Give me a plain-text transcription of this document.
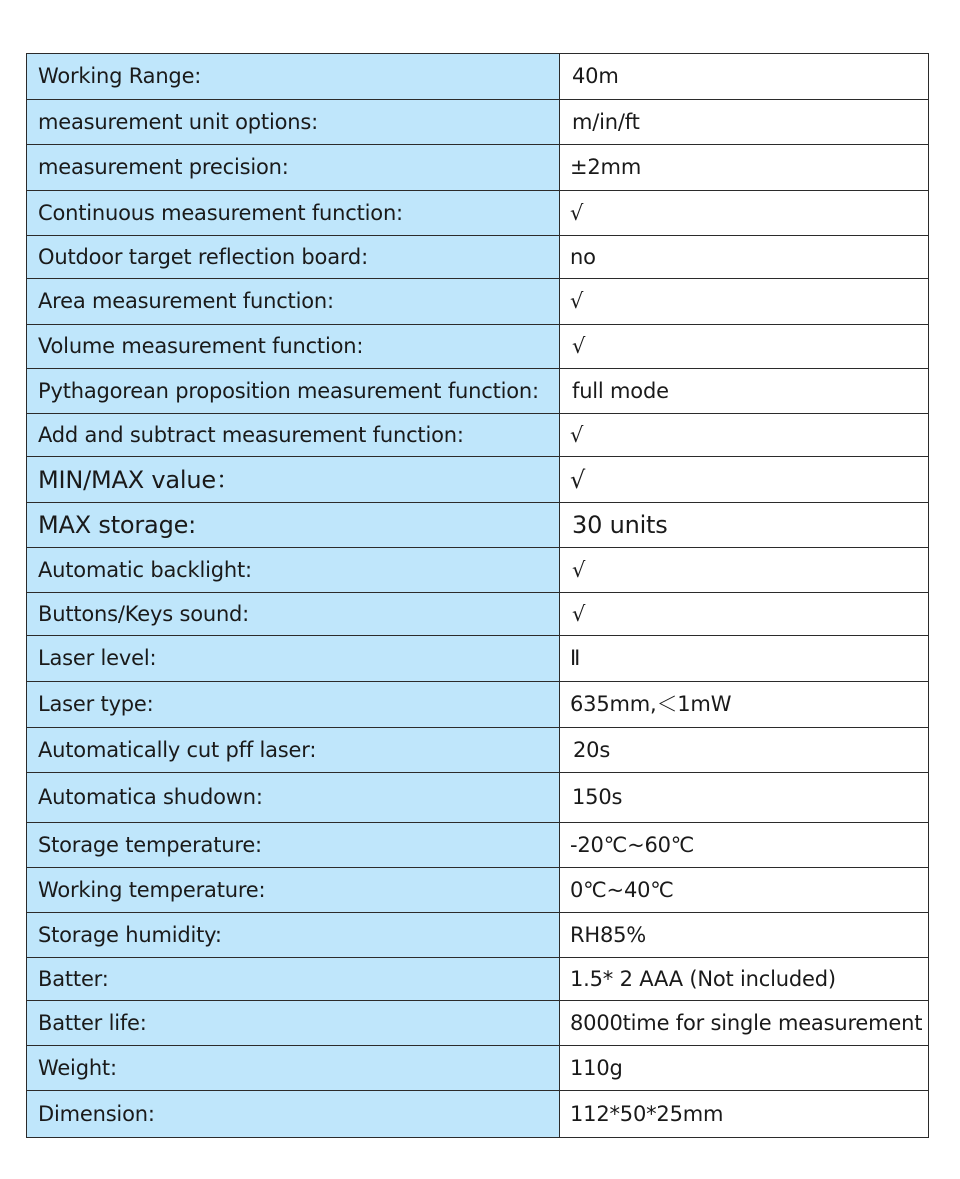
Working Range:	40m
measurement unit options:	m/in/ft
measurement precision:	±2mm
Continuous measurement function:	√
Outdoor target reflection board:	no
Area measurement function:	√
Volume measurement function:	√
Pythagorean proposition measurement function:	full mode
Add and subtract measurement function:	√
MIN/MAX value：	√
MAX storage:	30 units
Automatic backlight:	√
Buttons/Keys sound:	√
Laser level:	Ⅱ
Laser type:	635mm,＜1mW
Automatically cut pff laser:	20s
Automatica shudown:	150s
Storage temperature:	-20℃~60℃
Working temperature:	0℃~40℃
Storage humidity:	RH85%
Batter:	1.5* 2 AAA (Not included)
Batter life:	8000time for single measurement
Weight:	110g
Dimension:	112*50*25mm
